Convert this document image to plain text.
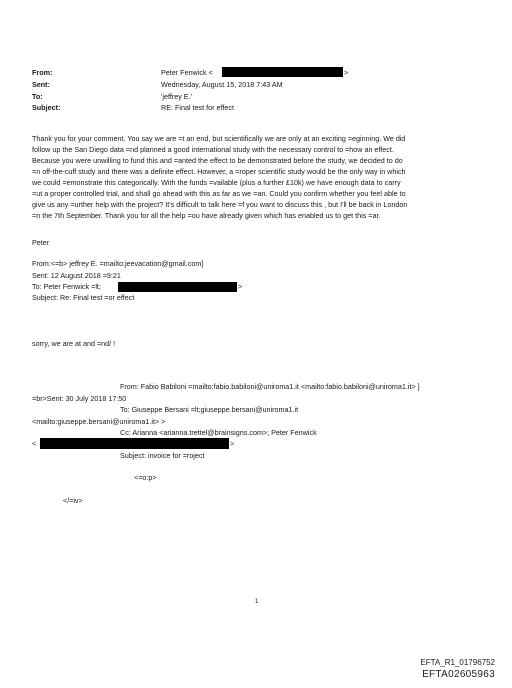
From:	Peter Fenwick <	>
Sent:	Wednesday, August 15, 2018 7:43 AM
To:	'jeffrey E.'
Subject:	RE: Final test for effect
Thank you for your comment. You say we are =t an end, but scientifically we are only at an exciting =eginning. We did
follow up the San Diego data =nd planned a good international study with the necessary control to =how an effect.
Because you were unwilling to fund this and =anted the effect to be demonstrated before the study, we decided to do
=n off-the-cuff study and there was a definite effect. However, a =roper scientific study would be the only way in which
we could =emonstrate this categorically. With the funds =vailable (plus a further £10k) we have enough data to carry
=ut a proper controlled trial, and shall go ahead with this as far as we =an. Could you confirm whether you feel able to
give us any =urther help with the project? It's difficult to talk here =f you want to discuss this , but I'll be back in London
=n the 7th September. Thank you for all the help =ou have already given which has enabled us to get this =ar.
Peter
From:<=b> jeffrey E. =mailto:jeevacation@gmail.com]
Sent: 12 August 2018 =9:21
To: Peter Fenwick =lt;	>
Subject: Re: Final test =or effect
sorry, we are at and =nd/ !
From: Fabio Babiloni =mailto:fabio.babiloni@uniroma1.it <mailto:fabio.babiloni@uniroma1.it> ]
=br>Sent: 30 July 2018 17:50
To: Giuseppe Bersani =lt;giuseppe.bersani@uniroma1.it
<mailto:giuseppe.bersani@uniroma1.it> >
Cc: Arianna <arianna.trettel@brainsigns.com>; Peter Fenwick
<	>
Subject: invoice for =roject
<=o:p>
</=iv>
1
EFTA_R1_01796752
EFTA02605963
